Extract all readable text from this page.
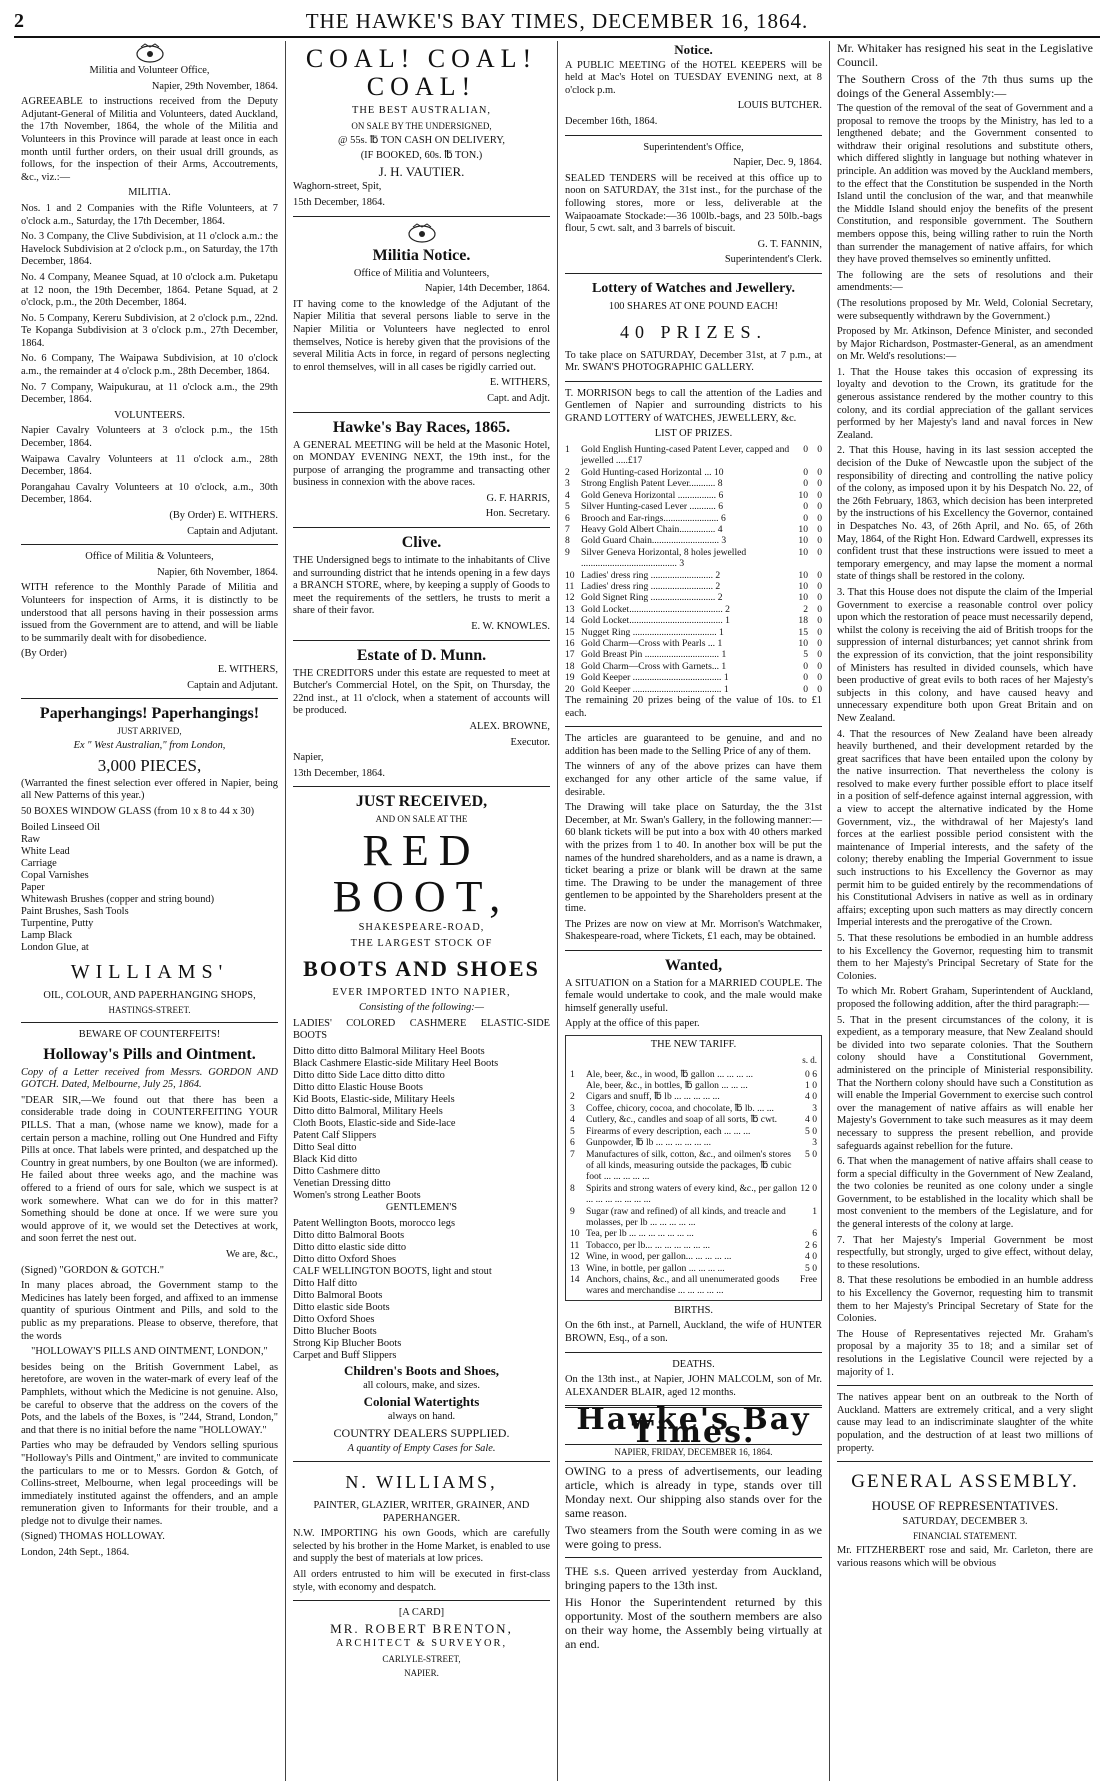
2	THE HAWKE'S BAY TIMES, DECEMBER 16, 1864.

Militia and Volunteer Office,

Napier, 29th November, 1864.

AGREEABLE to instructions received from the Deputy Adjutant-General of Militia and Volunteers, dated Auckland, the 17th November, 1864, the whole of the Militia and Volunteers in this Province will parade at least once in each month until further orders, on their usual drill grounds, as follows, for the inspection of their Arms, Accoutrements, &c., viz.:—

MILITIA.

Nos. 1 and 2 Companies with the Rifle Volunteers, at 7 o'clock a.m., Saturday, the 17th December, 1864.

No. 3 Company, the Clive Subdivision, at 11 o'clock a.m.: the Havelock Subdivision at 2 o'clock p.m., on Saturday, the 17th December, 1864.

No. 4 Company, Meanee Squad, at 10 o'clock a.m. Puketapu at 12 noon, the 19th December, 1864. Petane Squad, at 2 o'clock, p.m., the 20th December, 1864.

No. 5 Company, Kereru Subdivision, at 2 o'clock p.m., 22nd. Te Kopanga Subdivision at 3 o'clock p.m., 27th December, 1864.

No. 6 Company, The Waipawa Subdivision, at 10 o'clock a.m., the remainder at 4 o'clock p.m., 28th December, 1864.

No. 7 Company, Waipukurau, at 11 o'clock a.m., the 29th December, 1864.

VOLUNTEERS.

Napier Cavalry Volunteers at 3 o'clock p.m., the 15th December, 1864.

Waipawa Cavalry Volunteers at 11 o'clock a.m., 28th December, 1864.

Porangahau Cavalry Volunteers at 10 o'clock, a.m., 30th December, 1864.

(By Order) E. WITHERS.

Captain and Adjutant.

Office of Militia & Volunteers,

Napier, 6th November, 1864.

WITH reference to the Monthly Parade of Militia and Volunteers for inspection of Arms, it is distinctly to be understood that all persons having in their possession arms issued from the Government are to attend, and will be liable to be summarily dealt with for disobedience.

(By Order)

E. WITHERS,

Captain and Adjutant.

Paperhangings! Paperhangings!

JUST ARRIVED,

Ex " West Australian," from London,

3,000 PIECES,

(Warranted the finest selection ever offered in Napier, being all New Patterns of this year.)

50 BOXES WINDOW GLASS (from 10 x 8 to 44 x 30)

Boiled Linseed Oil
Raw
White Lead
Carriage
Copal Varnishes
Paper
Whitewash Brushes (copper and string bound)
Paint Brushes, Sash Tools
Turpentine, Putty
Lamp Black
London Glue, at
WILLIAMS'

OIL, COLOUR, AND PAPERHANGING SHOPS,

HASTINGS-STREET.

BEWARE OF COUNTERFEITS!

Holloway's Pills and Ointment.

Copy of a Letter received from Messrs. GORDON AND GOTCH. Dated, Melbourne, July 25, 1864.

"DEAR SIR,—We found out that there has been a considerable trade doing in COUNTERFEITING YOUR PILLS. That a man, (whose name we know), made for a certain person a machine, rolling out One Hundred and Fifty Pills at once. That labels were printed, and despatched up the Country in great numbers, by one Boulton (we are informed). He failed about three weeks ago, and the machine was offered to a friend of ours for sale, which we suspect is at work somewhere. What can we do for in this matter? Something should be done at once. If we were sure you would approve of it, we would set the Detectives at work, and soon ferret the nest out.

We are, &c.,

(Signed) "GORDON & GOTCH."

In many places abroad, the Government stamp to the Medicines has lately been forged, and affixed to an immense quantity of spurious Ointment and Pills, and sold to the public as my preparations. Please to observe, therefore, that the words

"HOLLOWAY'S PILLS AND OINTMENT, LONDON,"

besides being on the British Government Label, as heretofore, are woven in the water-mark of every leaf of the Pamphlets, without which the Medicine is not genuine. Also, be careful to observe that the address on the covers of the Pots, and the labels of the Boxes, is "244, Strand, London," and that there is no initial before the name "HOLLOWAY."

Parties who may be defrauded by Vendors selling spurious "Holloway's Pills and Ointment," are invited to communicate the particulars to me or to Messrs. Gordon & Gotch, of Collins-street, Melbourne, when legal proceedings will be immediately instituted against the offenders, and an ample remuneration given to Informants for their trouble, and a pledge not to divulge their names.

(Signed) THOMAS HOLLOWAY.

London, 24th Sept., 1864.

COAL! COAL! COAL!

THE BEST AUSTRALIAN,

ON SALE BY THE UNDERSIGNED,

@ 55s. ℔ TON CASH ON DELIVERY,

(IF BOOKED, 60s. ℔ TON.)

J. H. VAUTIER.

Waghorn-street, Spit,

15th December, 1864.

Militia Notice.

Office of Militia and Volunteers,

Napier, 14th December, 1864.

IT having come to the knowledge of the Adjutant of the Napier Militia that several persons liable to serve in the Napier Militia or Volunteers have neglected to enrol themselves, Notice is hereby given that the provisions of the several Militia Acts in force, in regard of persons neglecting to enrol themselves, will in all cases be rigidly carried out.

E. WITHERS,

Capt. and Adjt.

Hawke's Bay Races, 1865.

A GENERAL MEETING will be held at the Masonic Hotel, on MONDAY EVENING NEXT, the 19th inst., for the purpose of arranging the programme and transacting other business in connexion with the above races.

G. F. HARRIS,

Hon. Secretary.

Clive.

THE Undersigned begs to intimate to the inhabitants of Clive and surrounding district that he intends opening in a few days a BRANCH STORE, where, by keeping a supply of Goods to meet the requirements of the settlers, he trusts to merit a share of their favor.

E. W. KNOWLES.

Estate of D. Munn.

THE CREDITORS under this estate are requested to meet at Butcher's Commercial Hotel, on the Spit, on Thursday, the 22nd inst., at 11 o'clock, when a statement of accounts will be produced.

ALEX. BROWNE,

Executor.

Napier,

13th December, 1864.

JUST RECEIVED,

AND ON SALE AT THE

RED BOOT,

SHAKESPEARE-ROAD,

THE LARGEST STOCK OF

BOOTS AND SHOES

EVER IMPORTED INTO NAPIER,

Consisting of the following:—

LADIES' COLORED CASHMERE ELASTIC-SIDE BOOTS

Ditto ditto ditto Balmoral Military Heel Boots
Black Cashmere Elastic-side Military Heel Boots
Ditto ditto Side Lace ditto ditto ditto
Ditto ditto Elastic House Boots
Kid Boots, Elastic-side, Military Heels
Ditto ditto Balmoral, Military Heels
Cloth Boots, Elastic-side and Side-lace
Patent Calf Slippers
Ditto Seal ditto
Black Kid ditto
Ditto Cashmere ditto
Venetian Dressing ditto
Women's strong Leather Boots

GENTLEMEN'S

Patent Wellington Boots, morocco legs
Ditto ditto Balmoral Boots
Ditto ditto elastic side ditto
Ditto ditto Oxford Shoes
CALF WELLINGTON BOOTS, light and stout
Ditto Half ditto
Ditto Balmoral Boots
Ditto elastic side Boots
Ditto Oxford Shoes
Ditto Blucher Boots
Strong Kip Blucher Boots
Carpet and Buff Slippers
Children's Boots and Shoes,

all colours, make, and sizes.

Colonial Watertights

always on hand.

COUNTRY DEALERS SUPPLIED.

A quantity of Empty Cases for Sale.

N. WILLIAMS,

PAINTER, GLAZIER, WRITER, GRAINER, AND PAPERHANGER.

N.W. IMPORTING his own Goods, which are carefully selected by his brother in the Home Market, is enabled to use and supply the best of materials at low prices.

All orders entrusted to him will be executed in first-class style, with economy and despatch.

[A CARD]

MR. ROBERT BRENTON,

ARCHITECT & SURVEYOR,

CARLYLE-STREET,

NAPIER.

Notice.

A PUBLIC MEETING of the HOTEL KEEPERS will be held at Mac's Hotel on TUESDAY EVENING next, at 8 o'clock p.m.

LOUIS BUTCHER.

December 16th, 1864.

Superintendent's Office,

Napier, Dec. 9, 1864.

SEALED TENDERS will be received at this office up to noon on SATURDAY, the 31st inst., for the purchase of the following stores, more or less, deliverable at the Waipaoamate Stockade:—36 100lb.-bags, and 23 50lb.-bags flour, 5 cwt. salt, and 3 barrels of biscuit.

G. T. FANNIN,

Superintendent's Clerk.

Lottery of Watches and Jewellery.

100 SHARES AT ONE POUND EACH!

40 PRIZES.

To take place on SATURDAY, December 31st, at 7 p.m., at Mr. SWAN'S PHOTOGRAPHIC GALLERY.

T. MORRISON begs to call the attention of the Ladies and Gentlemen of Napier and surrounding districts to his GRAND LOTTERY of WATCHES, JEWELLERY, &c.

LIST OF PRIZES.

1	Gold English Hunting-cased Patent Lever, capped and jewelled .....£17	0	0
2	Gold Hunting-cased Horizontal ... 10	0	0
3	Strong English Patent Lever........... 8	0	0
4	Gold Geneva Horizontal ................ 6	10	0
5	Silver Hunting-cased Lever ........... 6	0	0
6	Brooch and Ear-rings....................... 6	0	0
7	Heavy Gold Albert Chain............... 4	10	0
8	Gold Guard Chain............................ 3	10	0
9	Silver Geneva Horizontal, 8 holes jewelled ........................................ 3	10	0
10	Ladies' dress ring .......................... 2	10	0
11	Ladies' dress ring .......................... 2	10	0
12	Gold Signet Ring ........................... 2	10	0
13	Gold Locket....................................... 2	2	0
14	Gold Locket....................................... 1	18	0
15	Nugget Ring ................................... 1	15	0
16	Gold Charm—Cross with Pearls ... 1	10	0
17	Gold Breast Pin ............................... 1	5	0
18	Gold Charm—Cross with Garnets... 1	0	0
19	Gold Keeper ..................................... 1	0	0
20	Gold Keeper ..................................... 1	0	0

The remaining 20 prizes being of the value of 10s. to £1 each.

The articles are guaranteed to be genuine, and and no addition has been made to the Selling Price of any of them.

The winners of any of the above prizes can have them exchanged for any other article of the same value, if desirable.

The Drawing will take place on Saturday, the the 31st December, at Mr. Swan's Gallery, in the following manner:—60 blank tickets will be put into a box with 40 others marked with the prizes from 1 to 40. In another box will be put the names of the hundred shareholders, and as a name is drawn, a ticket bearing a prize or blank will be drawn at the same time. The Drawing to be under the management of three gentlemen to be appointed by the Shareholders present at the time.

The Prizes are now on view at Mr. Morrison's Watchmaker, Shakespeare-road, where Tickets, £1 each, may be obtained.

Wanted,

A SITUATION on a Station for a MARRIED COUPLE. The female would undertake to cook, and the male would make himself generally useful.

Apply at the office of this paper.

THE NEW TARIFF.

s. d.

1	Ale, beer, &c., in wood, ℔ gallon ... ... ... ...	0 6
	Ale, beer, &c., in bottles, ℔ gallon ... ... ...	1 0
2	Cigars and snuff, ℔ lb ... ... ... ... ...	4 0
3	Coffee, chicory, cocoa, and chocolate, ℔ lb. ... ...	3
4	Cutlery, &c., candles and soap of all sorts, ℔ cwt.	4 0
5	Firearms of every description, each ... ... ...	5 0
6	Gunpowder, ℔ lb ... ... ... ... ... ...	3
7	Manufactures of silk, cotton, &c., and oilmen's stores of all kinds, measuring outside the packages, ℔ cubic foot ... ... ... ... ...	5 0
8	Spirits and strong waters of every kind, &c., per gallon ... ... ... ... ... ... ...	12 0
9	Sugar (raw and refined) of all kinds, and treacle and molasses, per lb ... ... ... ... ...	1
10	Tea, per lb ... ... ... ... ... ... ...	6
11	Tobacco, per lb... ... ... ... ... ... ...	2 6
12	Wine, in wood, per gallon... ... ... ... ...	4 0
13	Wine, in bottle, per gallon ... ... ... ...	5 0
14	Anchors, chains, &c., and all unenumerated goods wares and merchandise ... ... ... ... ...	Free

BIRTHS.

On the 6th inst., at Parnell, Auckland, the wife of HUNTER BROWN, Esq., of a son.

DEATHS.

On the 13th inst., at Napier, JOHN MALCOLM, son of Mr. ALEXANDER BLAIR, aged 12 months.

Hawke's Bay Times.

NAPIER, FRIDAY, DECEMBER 16, 1864.

OWING to a press of advertisements, our leading article, which is already in type, stands over till Monday next. Our shipping also stands over for the same reason.

Two steamers from the South were coming in as we were going to press.

THE s.s. Queen arrived yesterday from Auckland, bringing papers to the 13th inst.

His Honor the Superintendent returned by this opportunity. Most of the southern members are also on their way home, the Assembly being virtually at an end.

Mr. Whitaker has resigned his seat in the Legislative Council.

The Southern Cross of the 7th thus sums up the doings of the General Assembly:—

The question of the removal of the seat of Government and a proposal to remove the troops by the Ministry, has led to a lengthened debate; and the Government consented to withdraw their original resolutions and substitute others, which differed slightly in language but nothing whatever in principle. An addition was moved by the Auckland members, to the effect that the Constitution be suspended in the North Island until the conclusion of the war, and that meanwhile the Middle Island should enjoy the benefits of the present Constitution, and responsible government. The Southern members oppose this, being willing rather to ruin the North than surrender the management of native affairs, for which they have proved themselves so eminently unfitted.

The following are the sets of resolutions and their amendments:—

(The resolutions proposed by Mr. Weld, Colonial Secretary, were subsequently withdrawn by the Government.)

Proposed by Mr. Atkinson, Defence Minister, and seconded by Major Richardson, Postmaster-General, as an amendment on Mr. Weld's resolutions:—

1. That the House takes this occasion of expressing its loyalty and devotion to the Crown, its gratitude for the generous assistance rendered by the mother country to this colony, and its cordial appreciation of the gallant services performed by her Majesty's land and naval forces in New Zealand.

2. That this House, having in its last session accepted the decision of the Duke of Newcastle upon the subject of the responsibility of directing and controlling the native policy of the colony, as imposed upon it by his Despatch No. 22, of the 26th February, 1863, which decision has been interpreted by the instructions of his Excellency the Governor, contained in Despatches No. 43, of 26th April, and No. 65, of 26th May, 1864, of the Right Hon. Edward Cardwell, expresses its confident trust that these instructions were issued to meet a temporary emergency, and may lapse the moment a normal state of things shall be restored in the colony.

3. That this House does not dispute the claim of the Imperial Government to exercise a reasonable control over policy upon which the restoration of peace must necessarily depend, whilst the colony is receiving the aid of British troops for the suppression of internal disturbances; yet cannot shrink from the expression of its conviction, that the joint responsibility of Ministers has resulted in divided counsels, which have been productive of great evils to both races of her Majesty's subjects in this colony, and have caused heavy and unnecessary expenditure both upon Great Britain and on New Zealand.

4. That the resources of New Zealand have been already heavily burthened, and their development retarded by the great sacrifices that have been entailed upon the colony by the native insurrection. That nevertheless the colony is resolved to make every further possible effort to place itself in a position of self-defence against internal aggression, with a view to accept the alternative indicated by the Home Government, viz., the withdrawal of her Majesty's land forces at the earliest possible period consistent with the maintenance of Imperial interests, and the safety of the colony; thereby enabling the Imperial Government to issue such instructions to his Excellency the Governor as may permit him to be guided entirely by the recommendations of his Constitutional Advisers in native as well as in ordinary affairs; excepting upon such matters as may directly concern Imperial interests and the prerogative of the Crown.

5. That these resolutions be embodied in an humble address to his Excellency the Governor, requesting him to transmit them to her Majesty's Principal Secretary of State for the Colonies.

To which Mr. Robert Graham, Superintendent of Auckland, proposed the following addition, after the third paragraph:—

5. That in the present circumstances of the colony, it is expedient, as a temporary measure, that New Zealand should be divided into two separate colonies. That the Southern colony should have a Constitutional Government, administered on the principle of Ministerial responsibility. That the Northern colony should have such a Constitution as will enable the Imperial Government to exercise such control over the management of native affairs as will enable her Majesty's Government to take such measures as it may deem necessary to suppress the present rebellion, and provide safeguards against rebellion for the future.

6. That when the management of native affairs shall cease to form a special difficulty in the Government of New Zealand, the two colonies be reunited as one colony under a single Government, to be established in the locality which shall be most convenient to the members of the Legislature, and for the general interests of the colony at large.

7. That her Majesty's Imperial Government be most respectfully, but strongly, urged to give effect, without delay, to these resolutions.

8. That these resolutions be embodied in an humble address to his Excellency the Governor, requesting him to transmit them to her Majesty's Principal Secretary of State for the Colonies.

The House of Representatives rejected Mr. Graham's proposal by a majority 35 to 18; and a similar set of resolutions in the Legislative Council were rejected by a majority of 1.

The natives appear bent on an outbreak to the North of Auckland. Matters are extremely critical, and a very slight cause may lead to an indiscriminate slaughter of the white population, and the destruction of at least two millions of property.

GENERAL ASSEMBLY.

HOUSE OF REPRESENTATIVES.

SATURDAY, DECEMBER 3.

FINANCIAL STATEMENT.

Mr. FITZHERBERT rose and said, Mr. Carleton, there are various reasons which will be obvious
